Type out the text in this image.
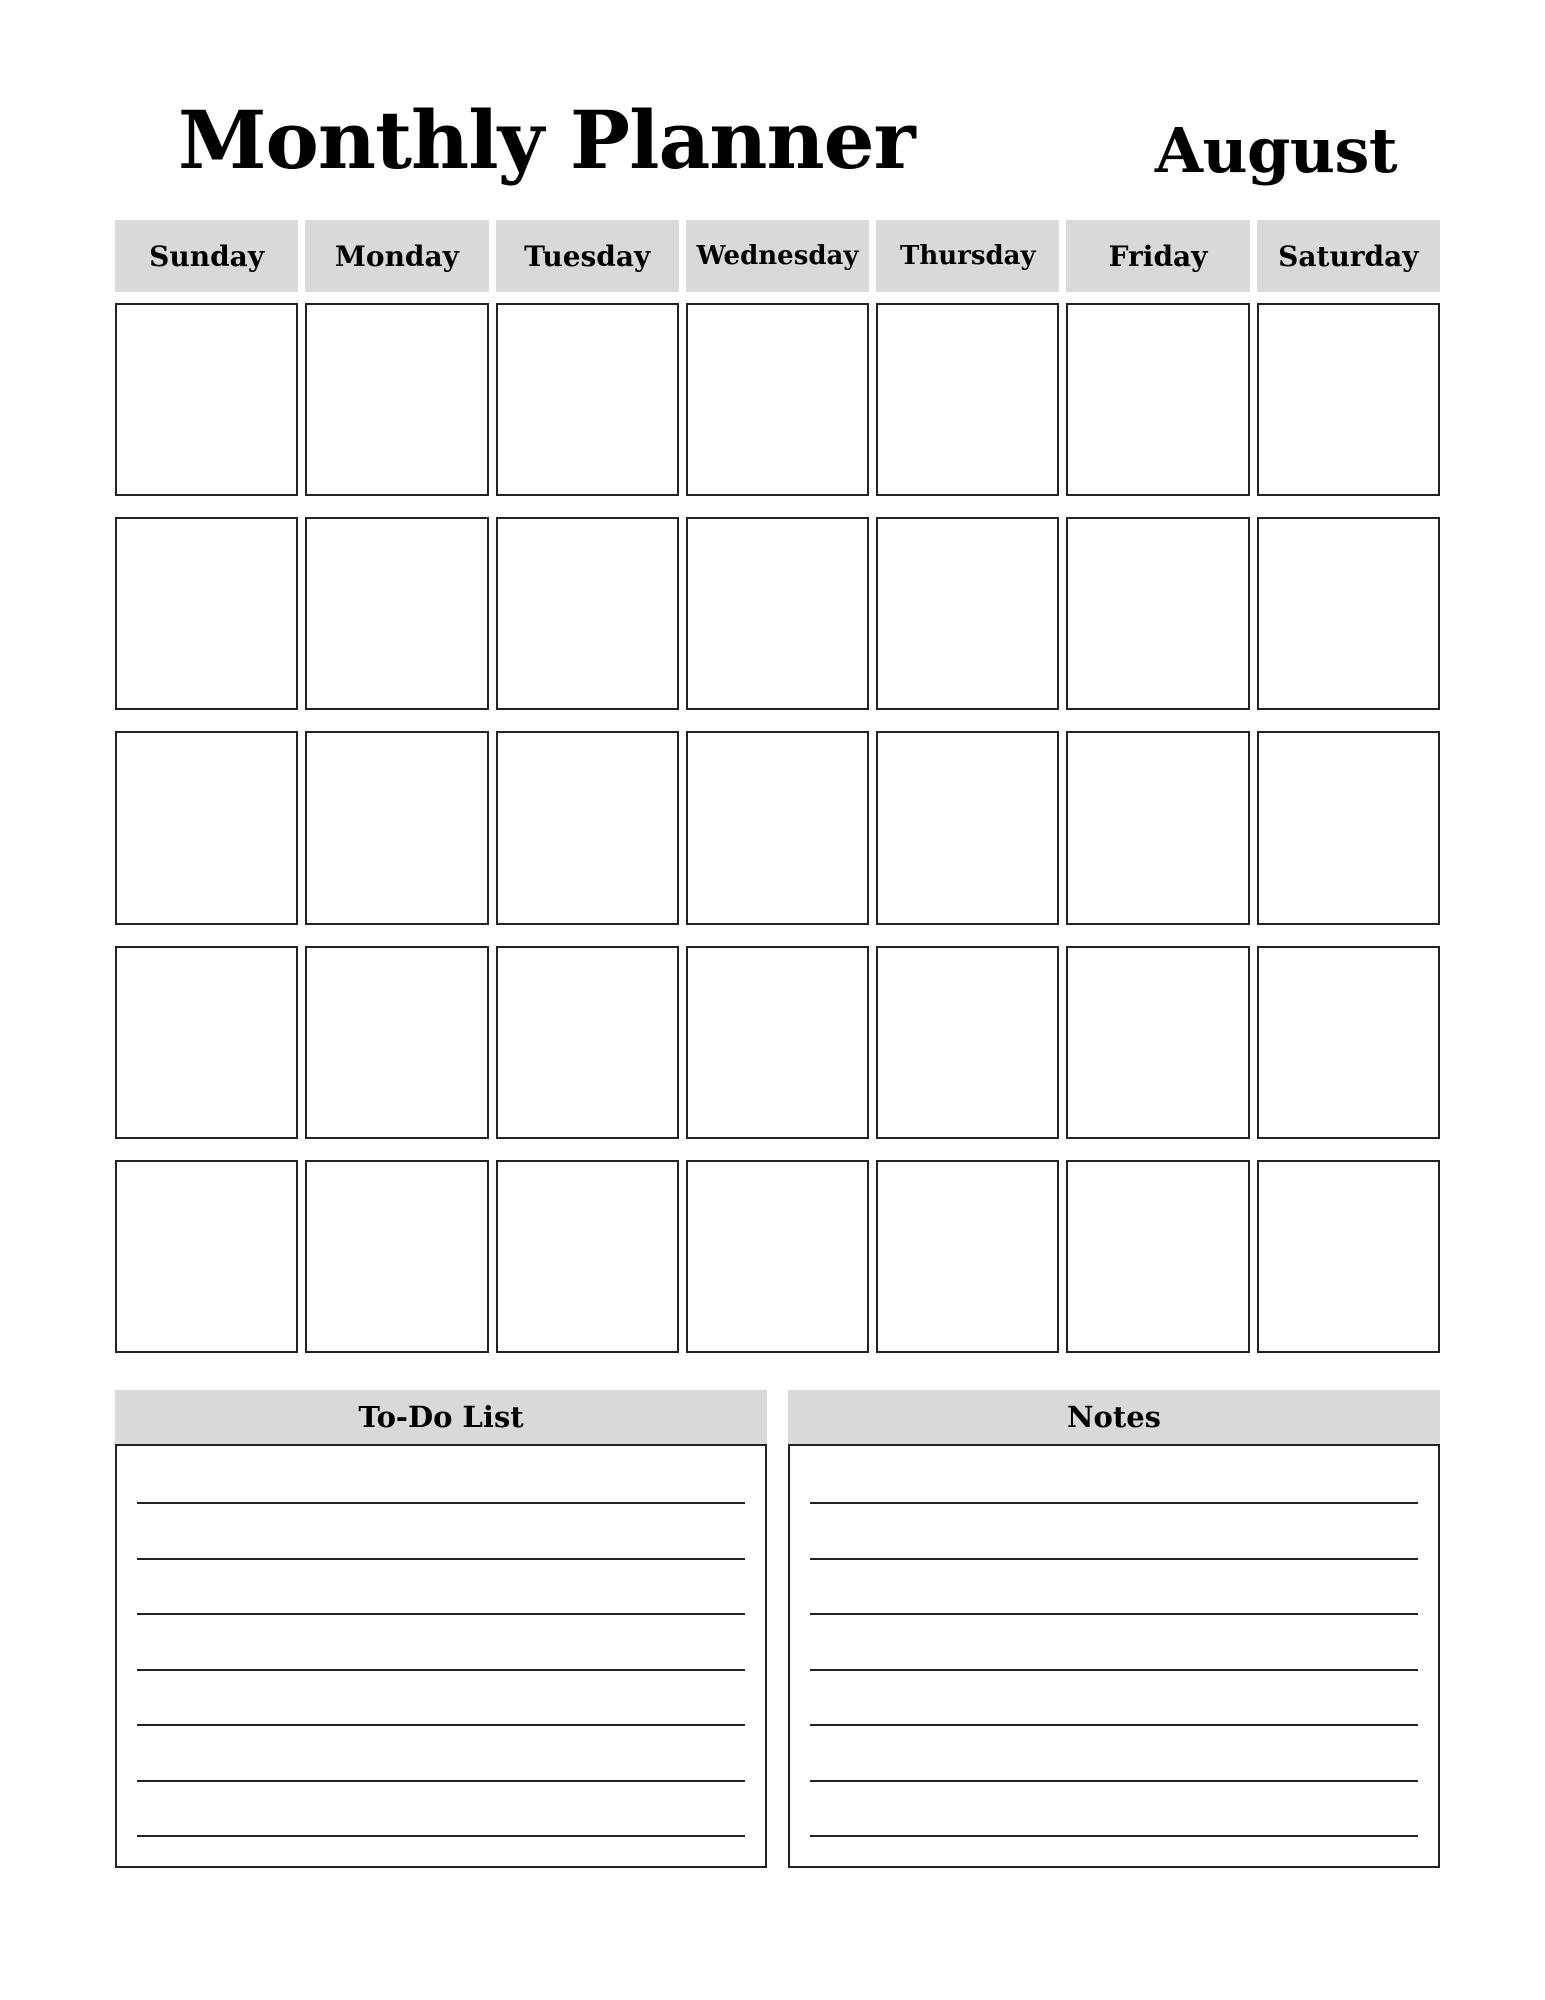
Monthly Planner	August
Sunday	Monday	Tuesday	Wednesday	Thursday	Friday	Saturday
To-Do List	Notes
